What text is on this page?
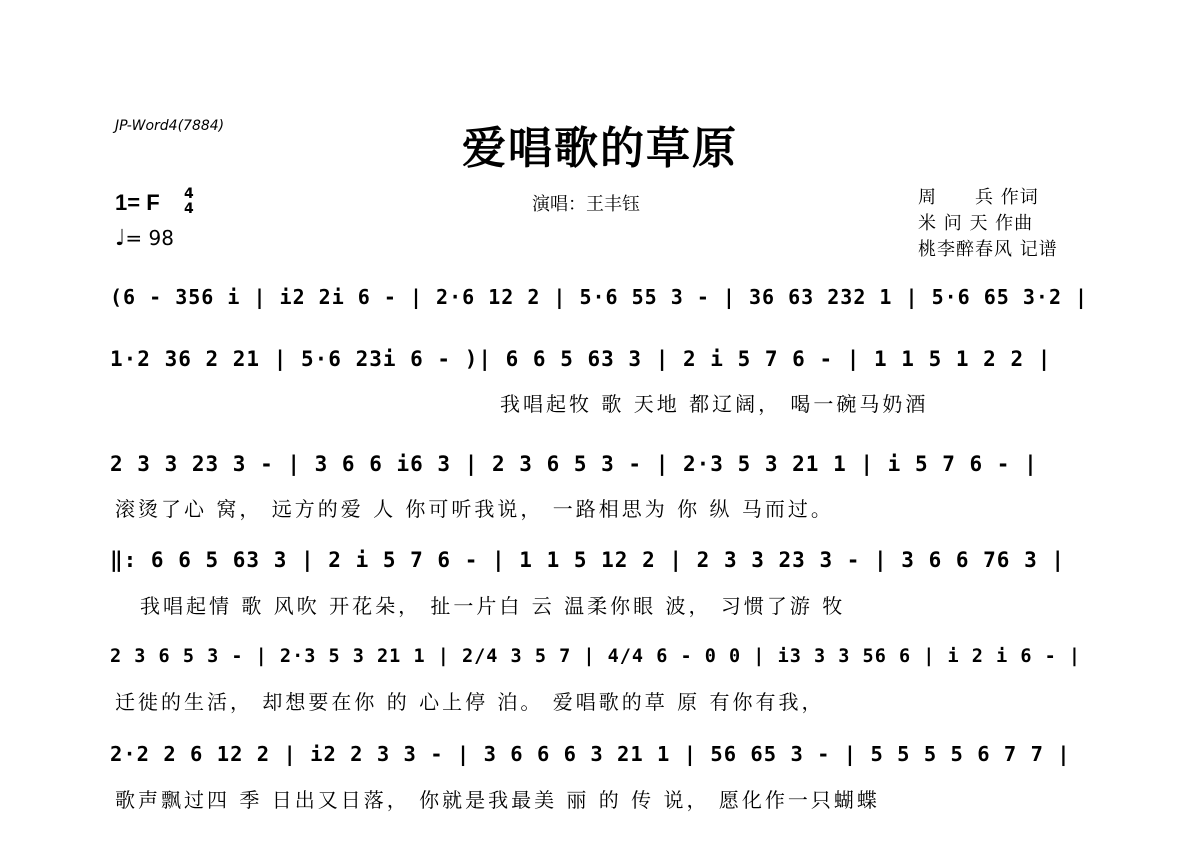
JP-Word4(7884)	爱唱歌的草原
1= F 4
4
♩= 98
演唱：王丰钰	周　　兵 作词
米 问 天 作曲
桃李醉春风 记谱
(6 - 356 i | i2 2i 6 - | 2·6 12 2 | 5·6 55 3 - | 36 63 232 1 | 5·6 65 3·2 |
1·2 36 2 21 | 5·6 23i 6 - )| 6 6 5 63 3 | 2 i 5 7 6 - | 1 1 5 1 2 2 |
我唱起牧 歌 天地 都辽阔， 喝一碗马奶酒
2 3 3 23 3 - | 3 6 6 i6 3 | 2 3 6 5 3 - | 2·3 5 3 21 1 | i 5 7 6 - |
滚烫了心 窝， 远方的爱 人 你可听我说， 一路相思为 你 纵 马而过。
‖: 6 6 5 63 3 | 2 i 5 7 6 - | 1 1 5 12 2 | 2 3 3 23 3 - | 3 6 6 76 3 |
我唱起情 歌 风吹 开花朵， 扯一片白 云 温柔你眼 波， 习惯了游 牧
2 3 6 5 3 - | 2·3 5 3 21 1 | 2/4 3 5 7 | 4/4 6 - 0 0 | i3 3 3 56 6 | i 2 i 6 - |
迁徙的生活， 却想要在你 的 心上停 泊。 爱唱歌的草 原 有你有我，
2·2 2 6 12 2 | i2 2 3 3 - | 3 6 6 6 3 21 1 | 56 65 3 - | 5 5 5 5 6 7 7 |
歌声飘过四 季 日出又日落， 你就是我最美 丽 的 传 说， 愿化作一只蝴蝶
